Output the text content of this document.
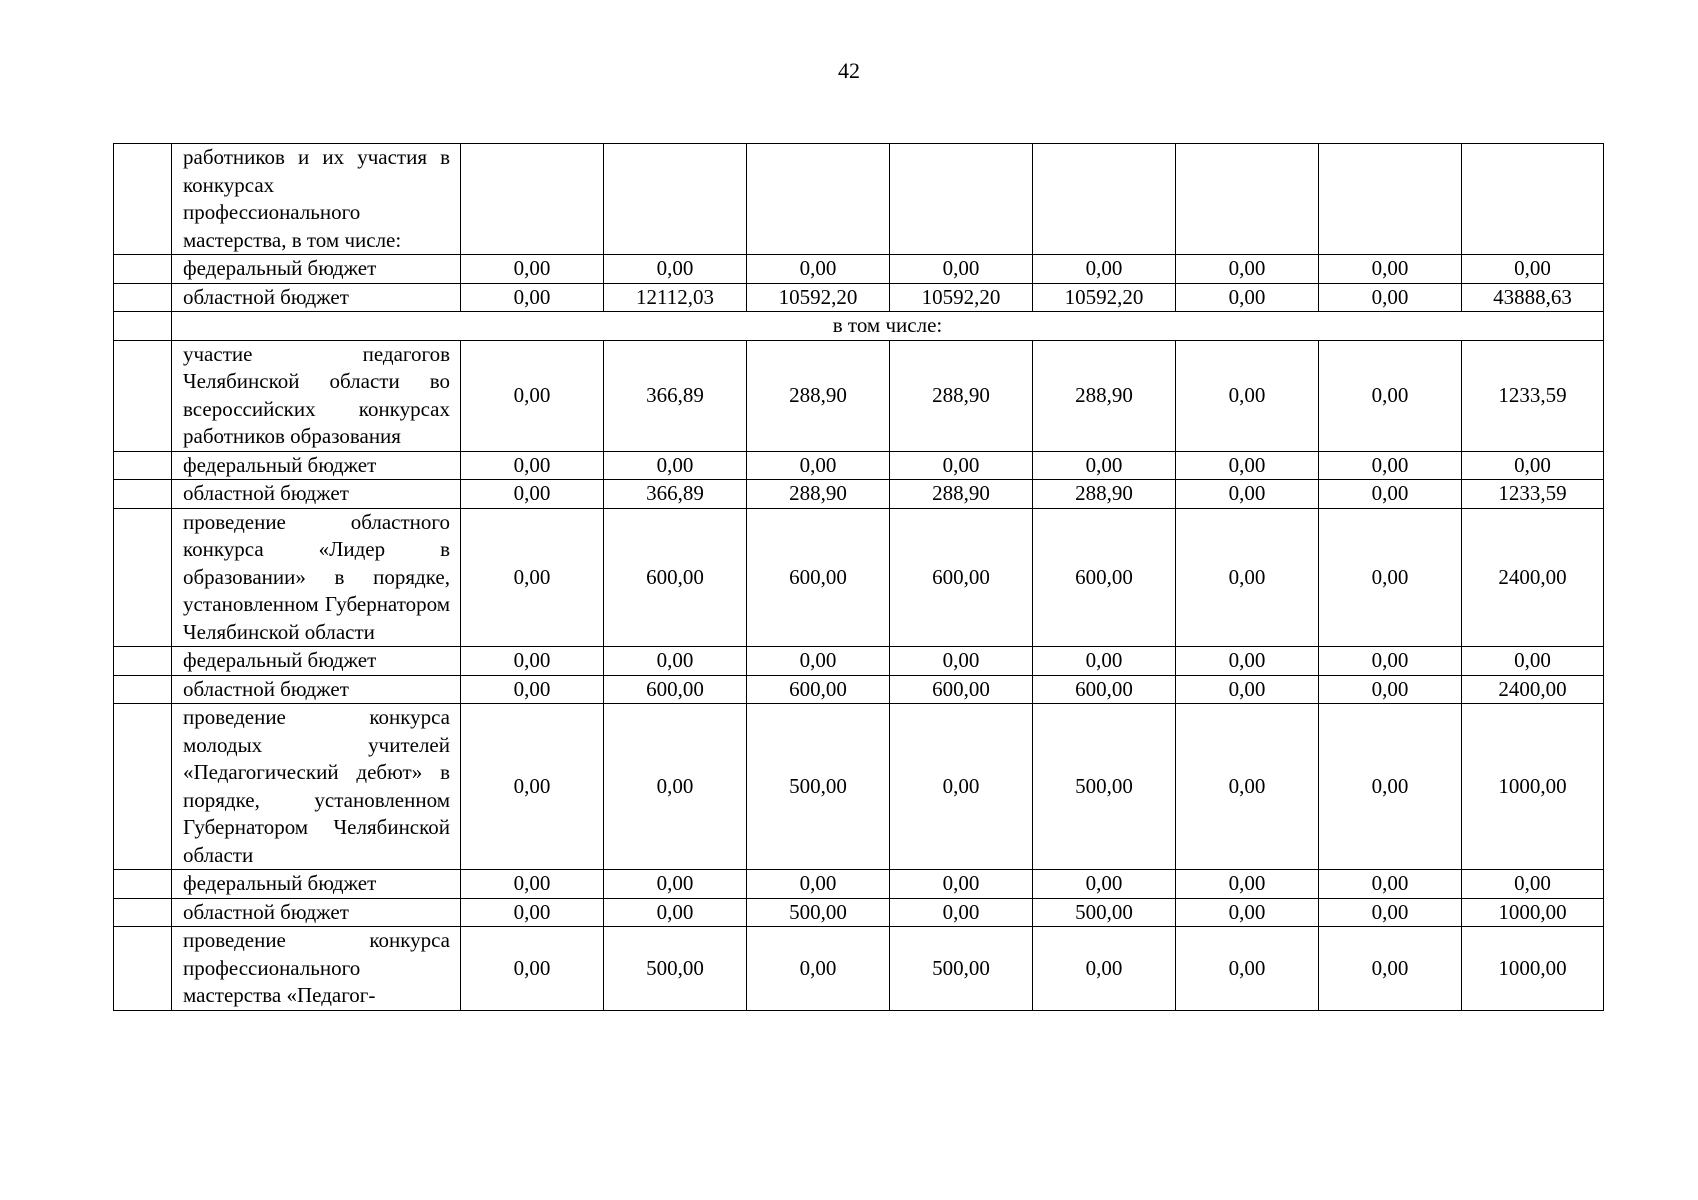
42
	работников и их участия в конкурсах профессионального мастерства, в том числе:								
	федеральный бюджет	0,00	0,00	0,00	0,00	0,00	0,00	0,00	0,00
	областной бюджет	0,00	12112,03	10592,20	10592,20	10592,20	0,00	0,00	43888,63
	в том числе:								
	участие педагогов Челябинской области во всероссийских конкурсах работников образования	0,00	366,89	288,90	288,90	288,90	0,00	0,00	1233,59
	федеральный бюджет	0,00	0,00	0,00	0,00	0,00	0,00	0,00	0,00
	областной бюджет	0,00	366,89	288,90	288,90	288,90	0,00	0,00	1233,59
	проведение областного конкурса «Лидер в образовании» в порядке, установленном Губернатором Челябинской области	0,00	600,00	600,00	600,00	600,00	0,00	0,00	2400,00
	федеральный бюджет	0,00	0,00	0,00	0,00	0,00	0,00	0,00	0,00
	областной бюджет	0,00	600,00	600,00	600,00	600,00	0,00	0,00	2400,00
	проведение конкурса молодых учителей «Педагогический дебют» в порядке, установленном Губернатором Челябинской области	0,00	0,00	500,00	0,00	500,00	0,00	0,00	1000,00
	федеральный бюджет	0,00	0,00	0,00	0,00	0,00	0,00	0,00	0,00
	областной бюджет	0,00	0,00	500,00	0,00	500,00	0,00	0,00	1000,00
	проведение конкурса профессионального мастерства «Педагог-	0,00	500,00	0,00	500,00	0,00	0,00	0,00	1000,00
